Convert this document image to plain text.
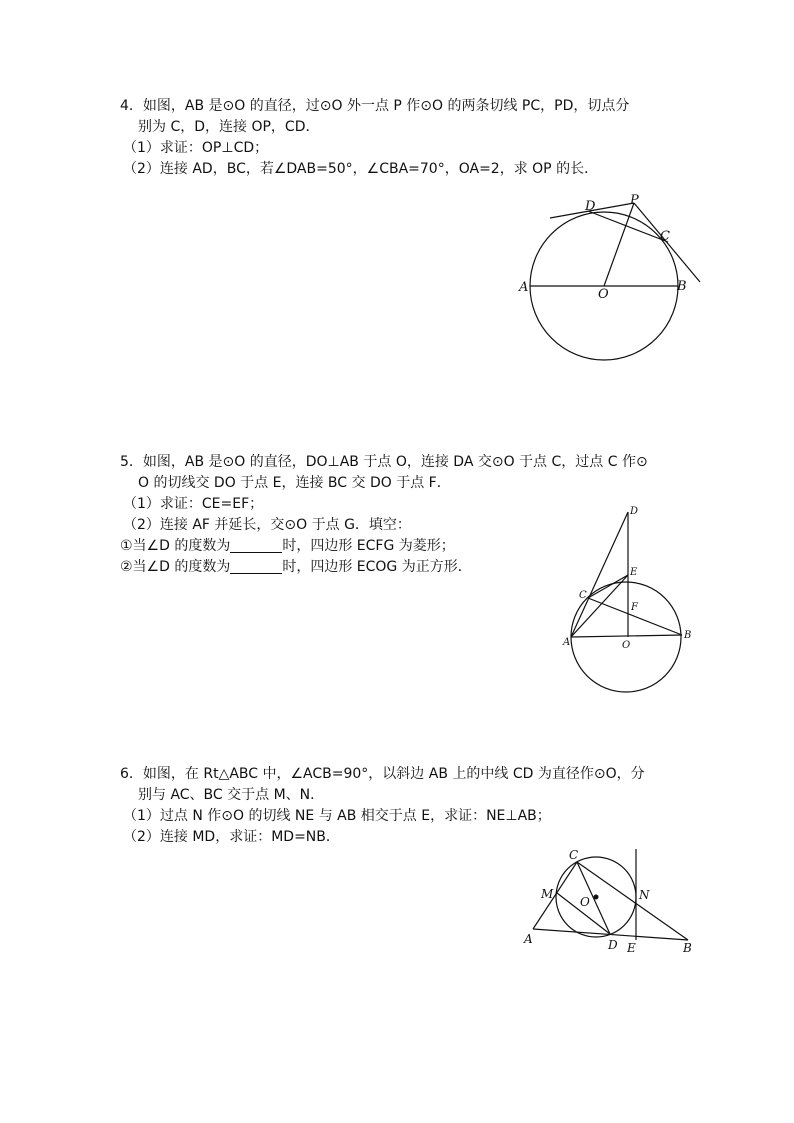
4．如图，AB 是⊙O 的直径，过⊙O 外一点 P 作⊙O 的两条切线 PC，PD，切点分

别为 C，D，连接 OP，CD．

（1）求证：OP⊥CD；

（2）连接 AD，BC，若∠DAB=50°，∠CBA=70°，OA=2，求 OP 的长．

D	P
C
A	O
B

5．如图，AB 是⊙O 的直径，DO⊥AB 于点 O，连接 DA 交⊙O 于点 C，过点 C 作⊙

O 的切线交 DO 于点 E，连接 BC 交 DO 于点 F．

（1）求证：CE=EF；

（2）连接 AF 并延长，交⊙O 于点 G．填空：

①当∠D 的度数为	时，四边形 ECFG 为菱形；

②当∠D 的度数为	时，四边形 ECOG 为正方形．

D
E
C
F
A	O
B

6．如图，在 Rt△ABC 中，∠ACB=90°，以斜边 AB 上的中线 CD 为直径作⊙O，分

别与 AC、BC 交于点 M、N．

（1）过点 N 作⊙O 的切线 NE 与 AB 相交于点 E，求证：NE⊥AB；

（2）连接 MD，求证：MD=NB．

C
M
O	N
A	D E	B
